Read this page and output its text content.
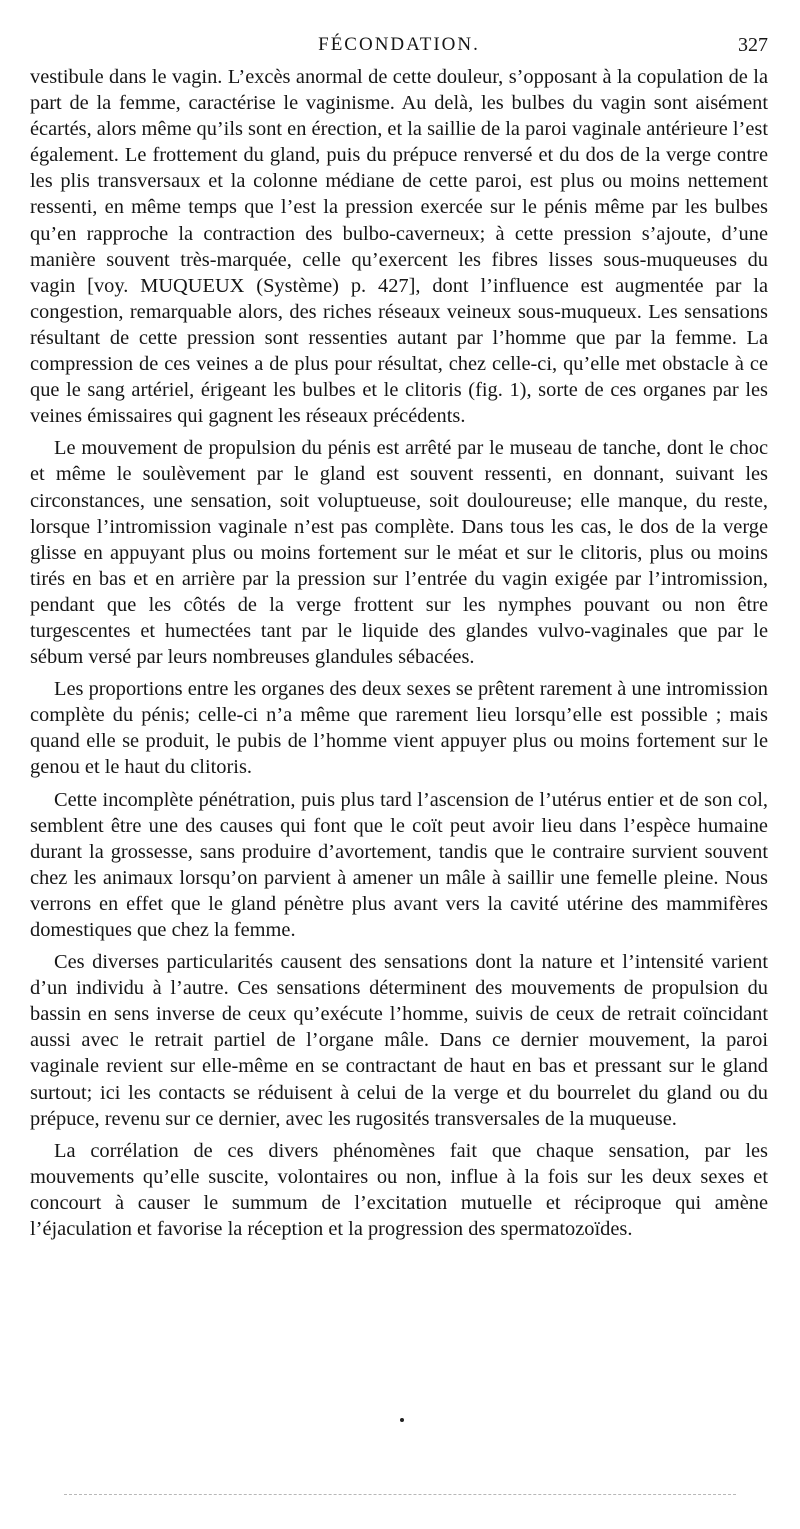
FÉCONDATION.	327

vestibule dans le vagin. L’excès anormal de cette douleur, s’opposant à la copulation de la part de la femme, caractérise le vaginisme. Au delà, les bulbes du vagin sont aisément écartés, alors même qu’ils sont en érection, et la saillie de la paroi vaginale antérieure l’est également. Le frottement du gland, puis du prépuce renversé et du dos de la verge contre les plis transversaux et la colonne médiane de cette paroi, est plus ou moins nettement ressenti, en même temps que l’est la pression exercée sur le pénis même par les bulbes qu’en rapproche la contraction des bulbo-caverneux; à cette pression s’ajoute, d’une manière souvent très-marquée, celle qu’exercent les fibres lisses sous-muqueuses du vagin [voy. MUQUEUX (Système) p. 427], dont l’influence est augmentée par la congestion, remarquable alors, des riches réseaux veineux sous-muqueux. Les sensations résultant de cette pression sont ressenties autant par l’homme que par la femme. La compression de ces veines a de plus pour résultat, chez celle-ci, qu’elle met obstacle à ce que le sang artériel, érigeant les bulbes et le clitoris (fig. 1), sorte de ces organes par les veines émissaires qui gagnent les réseaux précédents.

Le mouvement de propulsion du pénis est arrêté par le museau de tanche, dont le choc et même le soulèvement par le gland est souvent ressenti, en donnant, suivant les circonstances, une sensation, soit voluptueuse, soit douloureuse; elle manque, du reste, lorsque l’intromission vaginale n’est pas complète. Dans tous les cas, le dos de la verge glisse en appuyant plus ou moins fortement sur le méat et sur le clitoris, plus ou moins tirés en bas et en arrière par la pression sur l’entrée du vagin exigée par l’intromission, pendant que les côtés de la verge frottent sur les nymphes pouvant ou non être turgescentes et humectées tant par le liquide des glandes vulvo-vaginales que par le sébum versé par leurs nombreuses glandules sébacées.

Les proportions entre les organes des deux sexes se prêtent rarement à une intromission complète du pénis; celle-ci n’a même que rarement lieu lorsqu’elle est possible ; mais quand elle se produit, le pubis de l’homme vient appuyer plus ou moins fortement sur le genou et le haut du clitoris.

Cette incomplète pénétration, puis plus tard l’ascension de l’utérus entier et de son col, semblent être une des causes qui font que le coït peut avoir lieu dans l’espèce humaine durant la grossesse, sans produire d’avortement, tandis que le contraire survient souvent chez les animaux lorsqu’on parvient à amener un mâle à saillir une femelle pleine. Nous verrons en effet que le gland pénètre plus avant vers la cavité utérine des mammifères domestiques que chez la femme.

Ces diverses particularités causent des sensations dont la nature et l’intensité varient d’un individu à l’autre. Ces sensations déterminent des mouvements de propulsion du bassin en sens inverse de ceux qu’exécute l’homme, suivis de ceux de retrait coïncidant aussi avec le retrait partiel de l’organe mâle. Dans ce dernier mouvement, la paroi vaginale revient sur elle-même en se contractant de haut en bas et pressant sur le gland surtout; ici les contacts se réduisent à celui de la verge et du bourrelet du gland ou du prépuce, revenu sur ce dernier, avec les rugosités transversales de la muqueuse.

La corrélation de ces divers phénomènes fait que chaque sensation, par les mouvements qu’elle suscite, volontaires ou non, influe à la fois sur les deux sexes et concourt à causer le summum de l’excitation mutuelle et réciproque qui amène l’éjaculation et favorise la réception et la progression des spermatozoïdes.
